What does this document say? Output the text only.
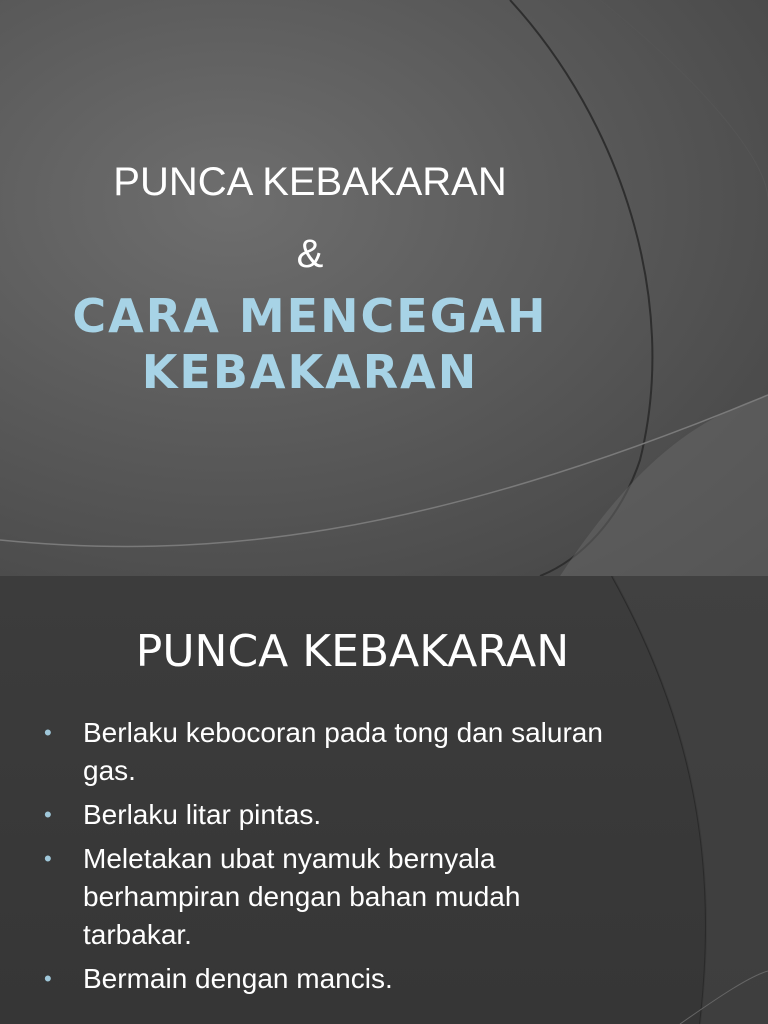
PUNCA KEBAKARAN
&
CARA MENCEGAH
KEBAKARAN
PUNCA KEBAKARAN
• Berlaku kebocoran pada tong dan saluran gas.
• Berlaku litar pintas.
• Meletakan ubat nyamuk bernyala berhampiran dengan bahan mudah tarbakar.
• Bermain dengan mancis.
